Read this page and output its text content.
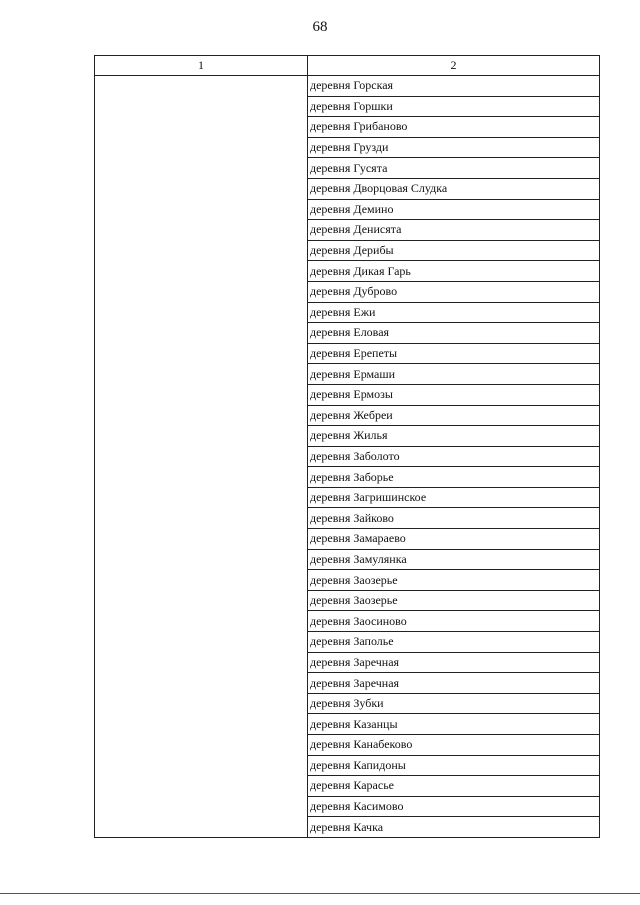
68
1	2
	деревня Горская
	деревня Горшки
	деревня Грибаново
	деревня Грузди
	деревня Гусята
	деревня Дворцовая Слудка
	деревня Демино
	деревня Денисята
	деревня Дерибы
	деревня Дикая Гарь
	деревня Дуброво
	деревня Ежи
	деревня Еловая
	деревня Ерепеты
	деревня Ермаши
	деревня Ермозы
	деревня Жебреи
	деревня Жилья
	деревня Заболото
	деревня Заборье
	деревня Загришинское
	деревня Зайково
	деревня Замараево
	деревня Замулянка
	деревня Заозерье
	деревня Заозерье
	деревня Заосиново
	деревня Заполье
	деревня Заречная
	деревня Заречная
	деревня Зубки
	деревня Казанцы
	деревня Канабеково
	деревня Капидоны
	деревня Карасье
	деревня Касимово
	деревня Качка
